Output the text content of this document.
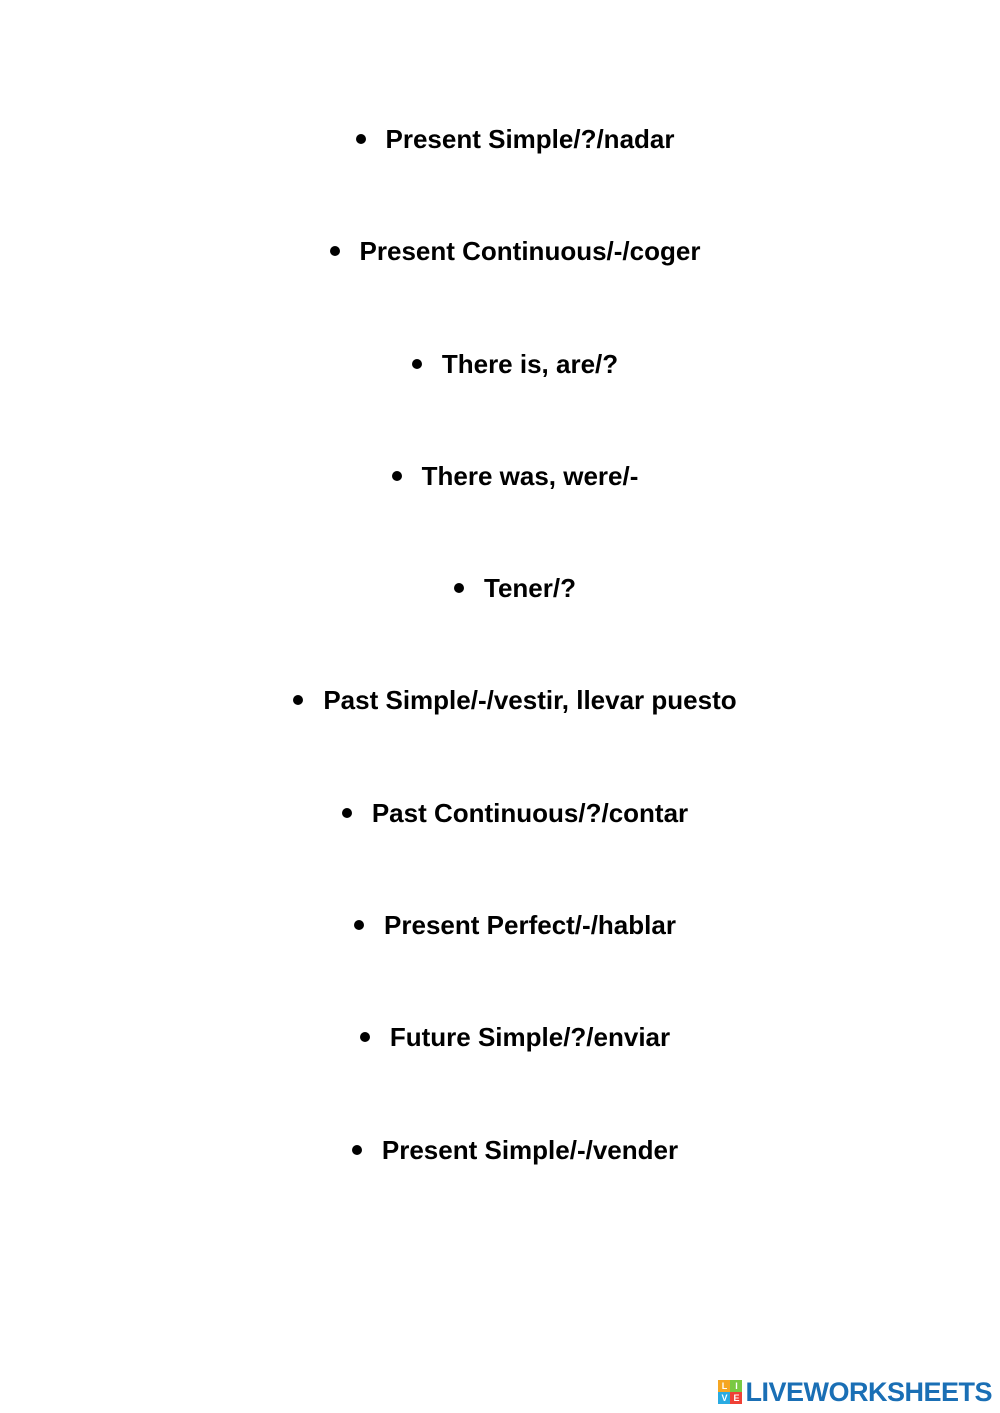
Present Simple/?/nadar
Present Continuous/-/coger
There is, are/?
There was, were/-
Tener/?
Past Simple/-/vestir, llevar puesto
Past Continuous/?/contar
Present Perfect/-/hablar
Future Simple/?/enviar
Present Simple/-/vender
L I
V E LIVEWORKSHEETS
